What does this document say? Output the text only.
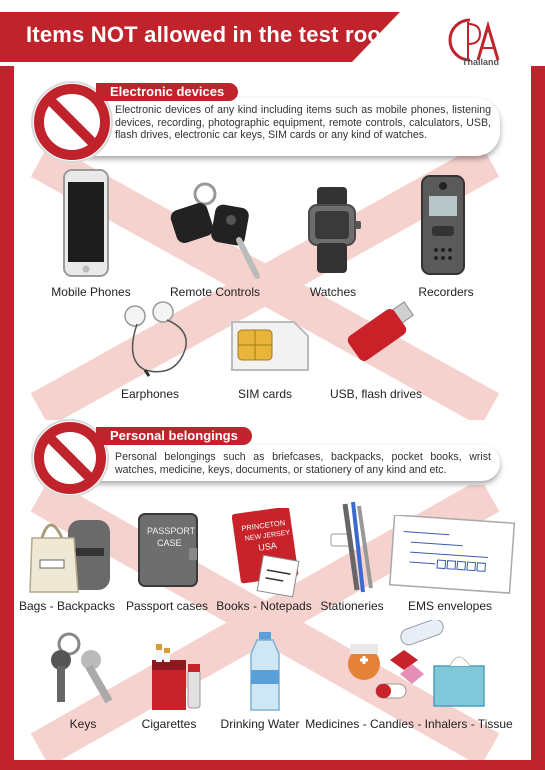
Items NOT allowed in the test room
Thailand
Electronic devices
Electronic devices of any kind including items such as mobile phones, listening devices, recording, photographic equipment, remote controls, calculators, USB, flash drives, electronic car keys, SIM cards or any kind of watches.
Mobile Phones	Remote Controls	Watches	Recorders
Earphones	SIM cards	USB, flash drives
Personal belongings
Personal belongings such as briefcases, backpacks, pocket books, wrist watches, medicine, keys, documents, or stationery of any kind and etc.
PASSPORT
CASE
PRINCETON
NEW JERSEY
USA
Bags - Backpacks Passport cases Books - Notepads Stationeries EMS envelopes
Keys	Cigarettes Drinking Water Medicines - Candies - Inhalers - Tissue
